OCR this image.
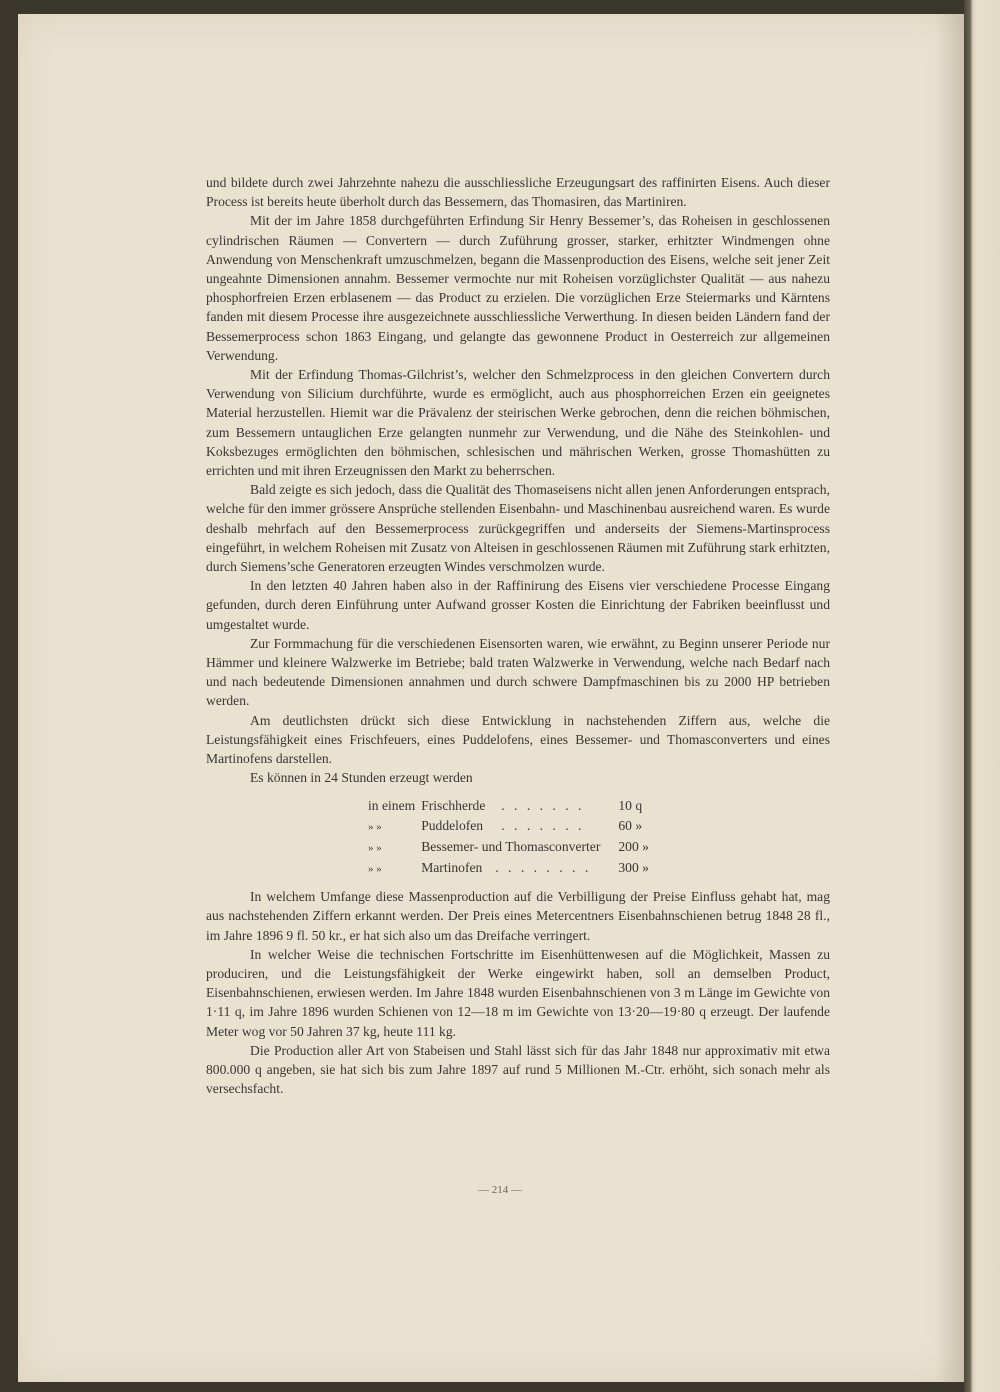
und bildete durch zwei Jahrzehnte nahezu die ausschliessliche Erzeugungsart des raffinirten Eisens. Auch dieser Process ist bereits heute überholt durch das Bessemern, das Thomasiren, das Martiniren.

Mit der im Jahre 1858 durchgeführten Erfindung Sir Henry Bessemer’s, das Roheisen in geschlossenen cylindrischen Räumen — Convertern — durch Zuführung grosser, starker, erhitzter Windmengen ohne Anwendung von Menschenkraft umzuschmelzen, begann die Massenproduction des Eisens, welche seit jener Zeit ungeahnte Dimensionen annahm. Bessemer vermochte nur mit Roheisen vorzüglichster Qualität — aus nahezu phosphorfreien Erzen erblasenem — das Product zu erzielen. Die vorzüglichen Erze Steiermarks und Kärntens fanden mit diesem Processe ihre ausgezeichnete ausschliessliche Verwerthung. In diesen beiden Ländern fand der Bessemerprocess schon 1863 Eingang, und gelangte das gewonnene Product in Oesterreich zur allgemeinen Verwendung.

Mit der Erfindung Thomas-Gilchrist’s, welcher den Schmelzprocess in den gleichen Convertern durch Verwendung von Silicium durchführte, wurde es ermöglicht, auch aus phosphorreichen Erzen ein geeignetes Material herzustellen. Hiemit war die Prävalenz der steirischen Werke gebrochen, denn die reichen böhmischen, zum Bessemern untauglichen Erze gelangten nunmehr zur Verwendung, und die Nähe des Steinkohlen- und Koksbezuges ermöglichten den böhmischen, schlesischen und mährischen Werken, grosse Thomashütten zu errichten und mit ihren Erzeugnissen den Markt zu beherrschen.

Bald zeigte es sich jedoch, dass die Qualität des Thomaseisens nicht allen jenen Anforderungen entsprach, welche für den immer grössere Ansprüche stellenden Eisenbahn- und Maschinenbau ausreichend waren. Es wurde deshalb mehrfach auf den Bessemerprocess zurückgegriffen und anderseits der Siemens-Martinsprocess eingeführt, in welchem Roheisen mit Zusatz von Alteisen in geschlossenen Räumen mit Zuführung stark erhitzten, durch Siemens’sche Generatoren erzeugten Windes verschmolzen wurde.

In den letzten 40 Jahren haben also in der Raffinirung des Eisens vier verschiedene Processe Eingang gefunden, durch deren Einführung unter Aufwand grosser Kosten die Einrichtung der Fabriken beeinflusst und umgestaltet wurde.

Zur Formmachung für die verschiedenen Eisensorten waren, wie erwähnt, zu Beginn unserer Periode nur Hämmer und kleinere Walzwerke im Betriebe; bald traten Walzwerke in Verwendung, welche nach Bedarf nach und nach bedeutende Dimensionen annahmen und durch schwere Dampfmaschinen bis zu 2000 HP betrieben werden.

Am deutlichsten drückt sich diese Entwicklung in nachstehenden Ziffern aus, welche die Leistungsfähigkeit eines Frischfeuers, eines Puddelofens, eines Bessemer- und Thomasconverters und eines Martinofens darstellen.

Es können in 24 Stunden erzeugt werden

in einem	Frischherde	. . . . . . .	10 q
» »	Puddelofen	. . . . . . .	60 »
» »	Bessemer- und Thomasconverter		200 »
» »	Martinofen	. . . . . . . .	300 »

In welchem Umfange diese Massenproduction auf die Verbilligung der Preise Einfluss gehabt hat, mag aus nachstehenden Ziffern erkannt werden. Der Preis eines Metercentners Eisenbahnschienen betrug 1848 28 fl., im Jahre 1896 9 fl. 50 kr., er hat sich also um das Dreifache verringert.

In welcher Weise die technischen Fortschritte im Eisenhüttenwesen auf die Möglichkeit, Massen zu produciren, und die Leistungsfähigkeit der Werke eingewirkt haben, soll an demselben Product, Eisenbahnschienen, erwiesen werden. Im Jahre 1848 wurden Eisenbahnschienen von 3 m Länge im Gewichte von 1·11 q, im Jahre 1896 wurden Schienen von 12—18 m im Gewichte von 13·20—19·80 q erzeugt. Der laufende Meter wog vor 50 Jahren 37 kg, heute 111 kg.

Die Production aller Art von Stabeisen und Stahl lässt sich für das Jahr 1848 nur approximativ mit etwa 800.000 q angeben, sie hat sich bis zum Jahre 1897 auf rund 5 Millionen M.-Ctr. erhöht, sich sonach mehr als versechsfacht.

— 214 —
